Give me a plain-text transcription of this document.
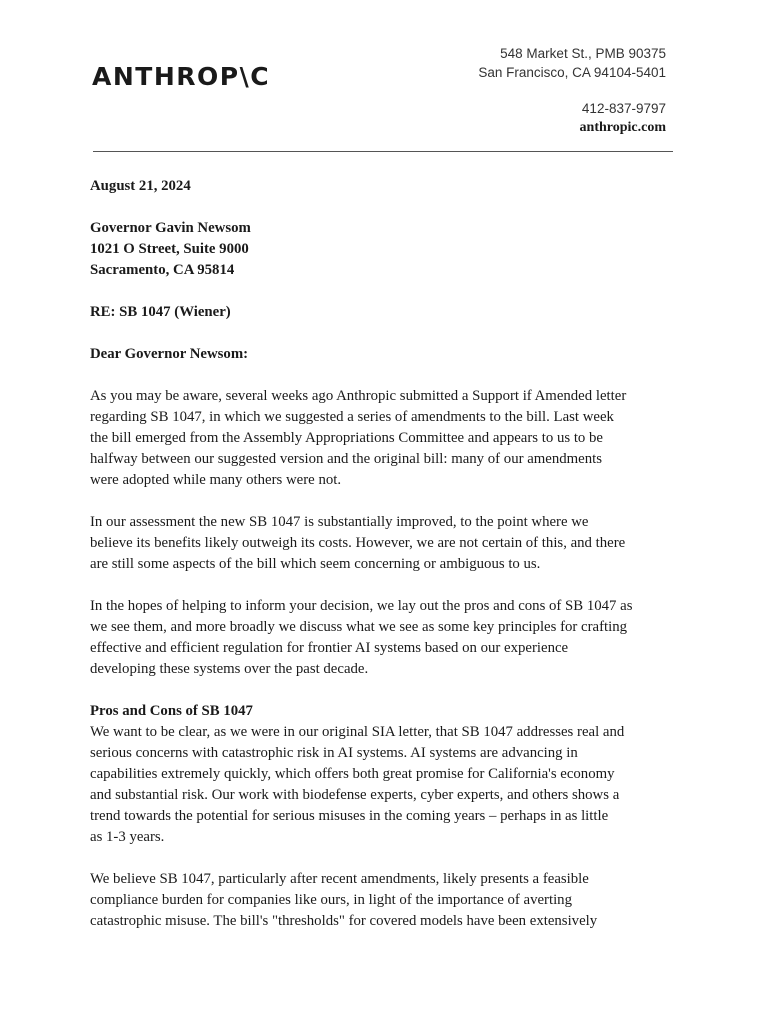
ANTHROP\C
548 Market St., PMB 90375
San Francisco, CA 94104-5401
412-837-9797
anthropic.com
August 21, 2024
Governor Gavin Newsom
1021 O Street, Suite 9000
Sacramento, CA 95814
RE: SB 1047 (Wiener)
Dear Governor Newsom:
As you may be aware, several weeks ago Anthropic submitted a Support if Amended letter
regarding SB 1047, in which we suggested a series of amendments to the bill. Last week
the bill emerged from the Assembly Appropriations Committee and appears to us to be
halfway between our suggested version and the original bill: many of our amendments
were adopted while many others were not.
In our assessment the new SB 1047 is substantially improved, to the point where we
believe its benefits likely outweigh its costs. However, we are not certain of this, and there
are still some aspects of the bill which seem concerning or ambiguous to us.
In the hopes of helping to inform your decision, we lay out the pros and cons of SB 1047 as
we see them, and more broadly we discuss what we see as some key principles for crafting
effective and efficient regulation for frontier AI systems based on our experience
developing these systems over the past decade.
Pros and Cons of SB 1047
We want to be clear, as we were in our original SIA letter, that SB 1047 addresses real and
serious concerns with catastrophic risk in AI systems. AI systems are advancing in
capabilities extremely quickly, which offers both great promise for California's economy
and substantial risk. Our work with biodefense experts, cyber experts, and others shows a
trend towards the potential for serious misuses in the coming years – perhaps in as little
as 1-3 years.
We believe SB 1047, particularly after recent amendments, likely presents a feasible
compliance burden for companies like ours, in light of the importance of averting
catastrophic misuse. The bill's "thresholds" for covered models have been extensively
